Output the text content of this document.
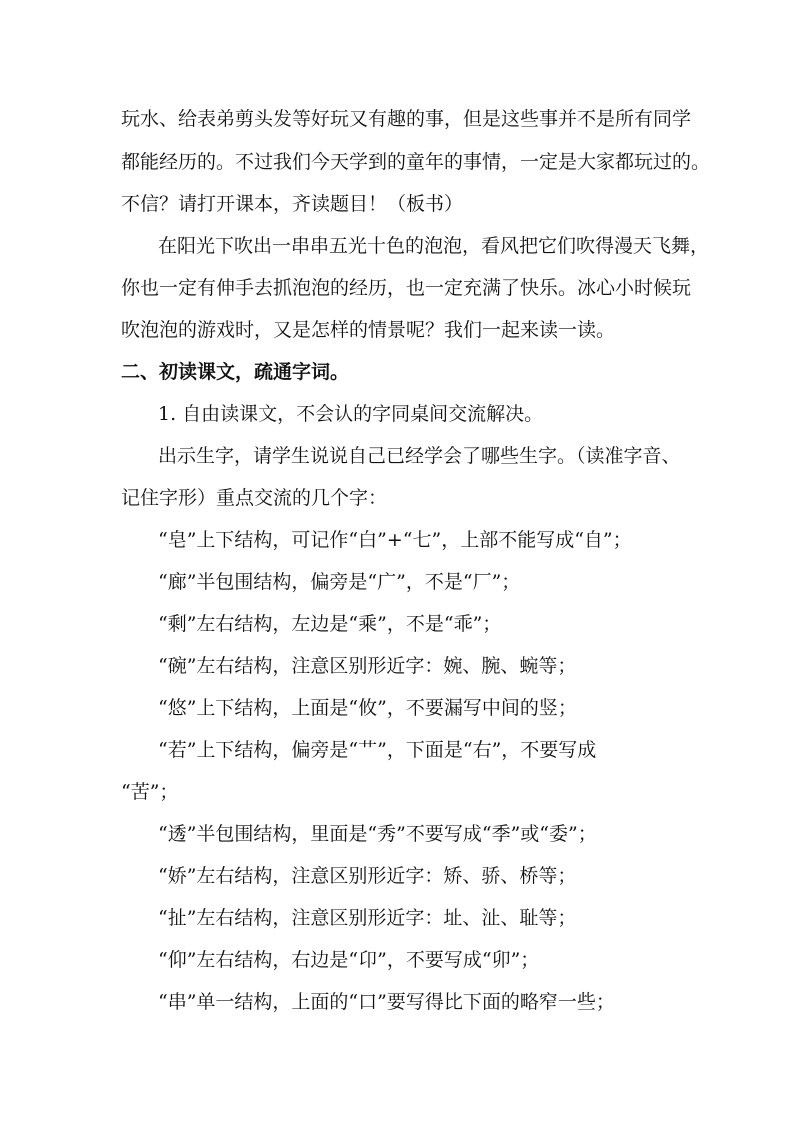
玩水、给表弟剪头发等好玩又有趣的事，但是这些事并不是所有同学
都能经历的。不过我们今天学到的童年的事情，一定是大家都玩过的。
不信？请打开课本，齐读题目！（板书）
在阳光下吹出一串串五光十色的泡泡，看风把它们吹得漫天飞舞，
你也一定有伸手去抓泡泡的经历，也一定充满了快乐。冰心小时候玩
吹泡泡的游戏时，又是怎样的情景呢？我们一起来读一读。
二、初读课文，疏通字词。
1. 自由读课文，不会认的字同桌间交流解决。
出示生字，请学生说说自己已经学会了哪些生字。（读准字音、
记住字形）重点交流的几个字：
“皂”上下结构，可记作“白”+“七”，上部不能写成“自”；
“廊”半包围结构，偏旁是“广”，不是“厂”；
“剩”左右结构，左边是“乘”，不是“乖”；
“碗”左右结构，注意区别形近字：婉、腕、蜿等；
“悠”上下结构，上面是“攸”，不要漏写中间的竖；
“若”上下结构，偏旁是“艹”，下面是“右”，不要写成
“苦”；
“透”半包围结构，里面是“秀”不要写成“季”或“委”；
“娇”左右结构，注意区别形近字：矫、骄、桥等；
“扯”左右结构，注意区别形近字：址、沚、耻等；
“仰”左右结构，右边是“卬”，不要写成“卯”；
“串”单一结构，上面的“口”要写得比下面的略窄一些；
